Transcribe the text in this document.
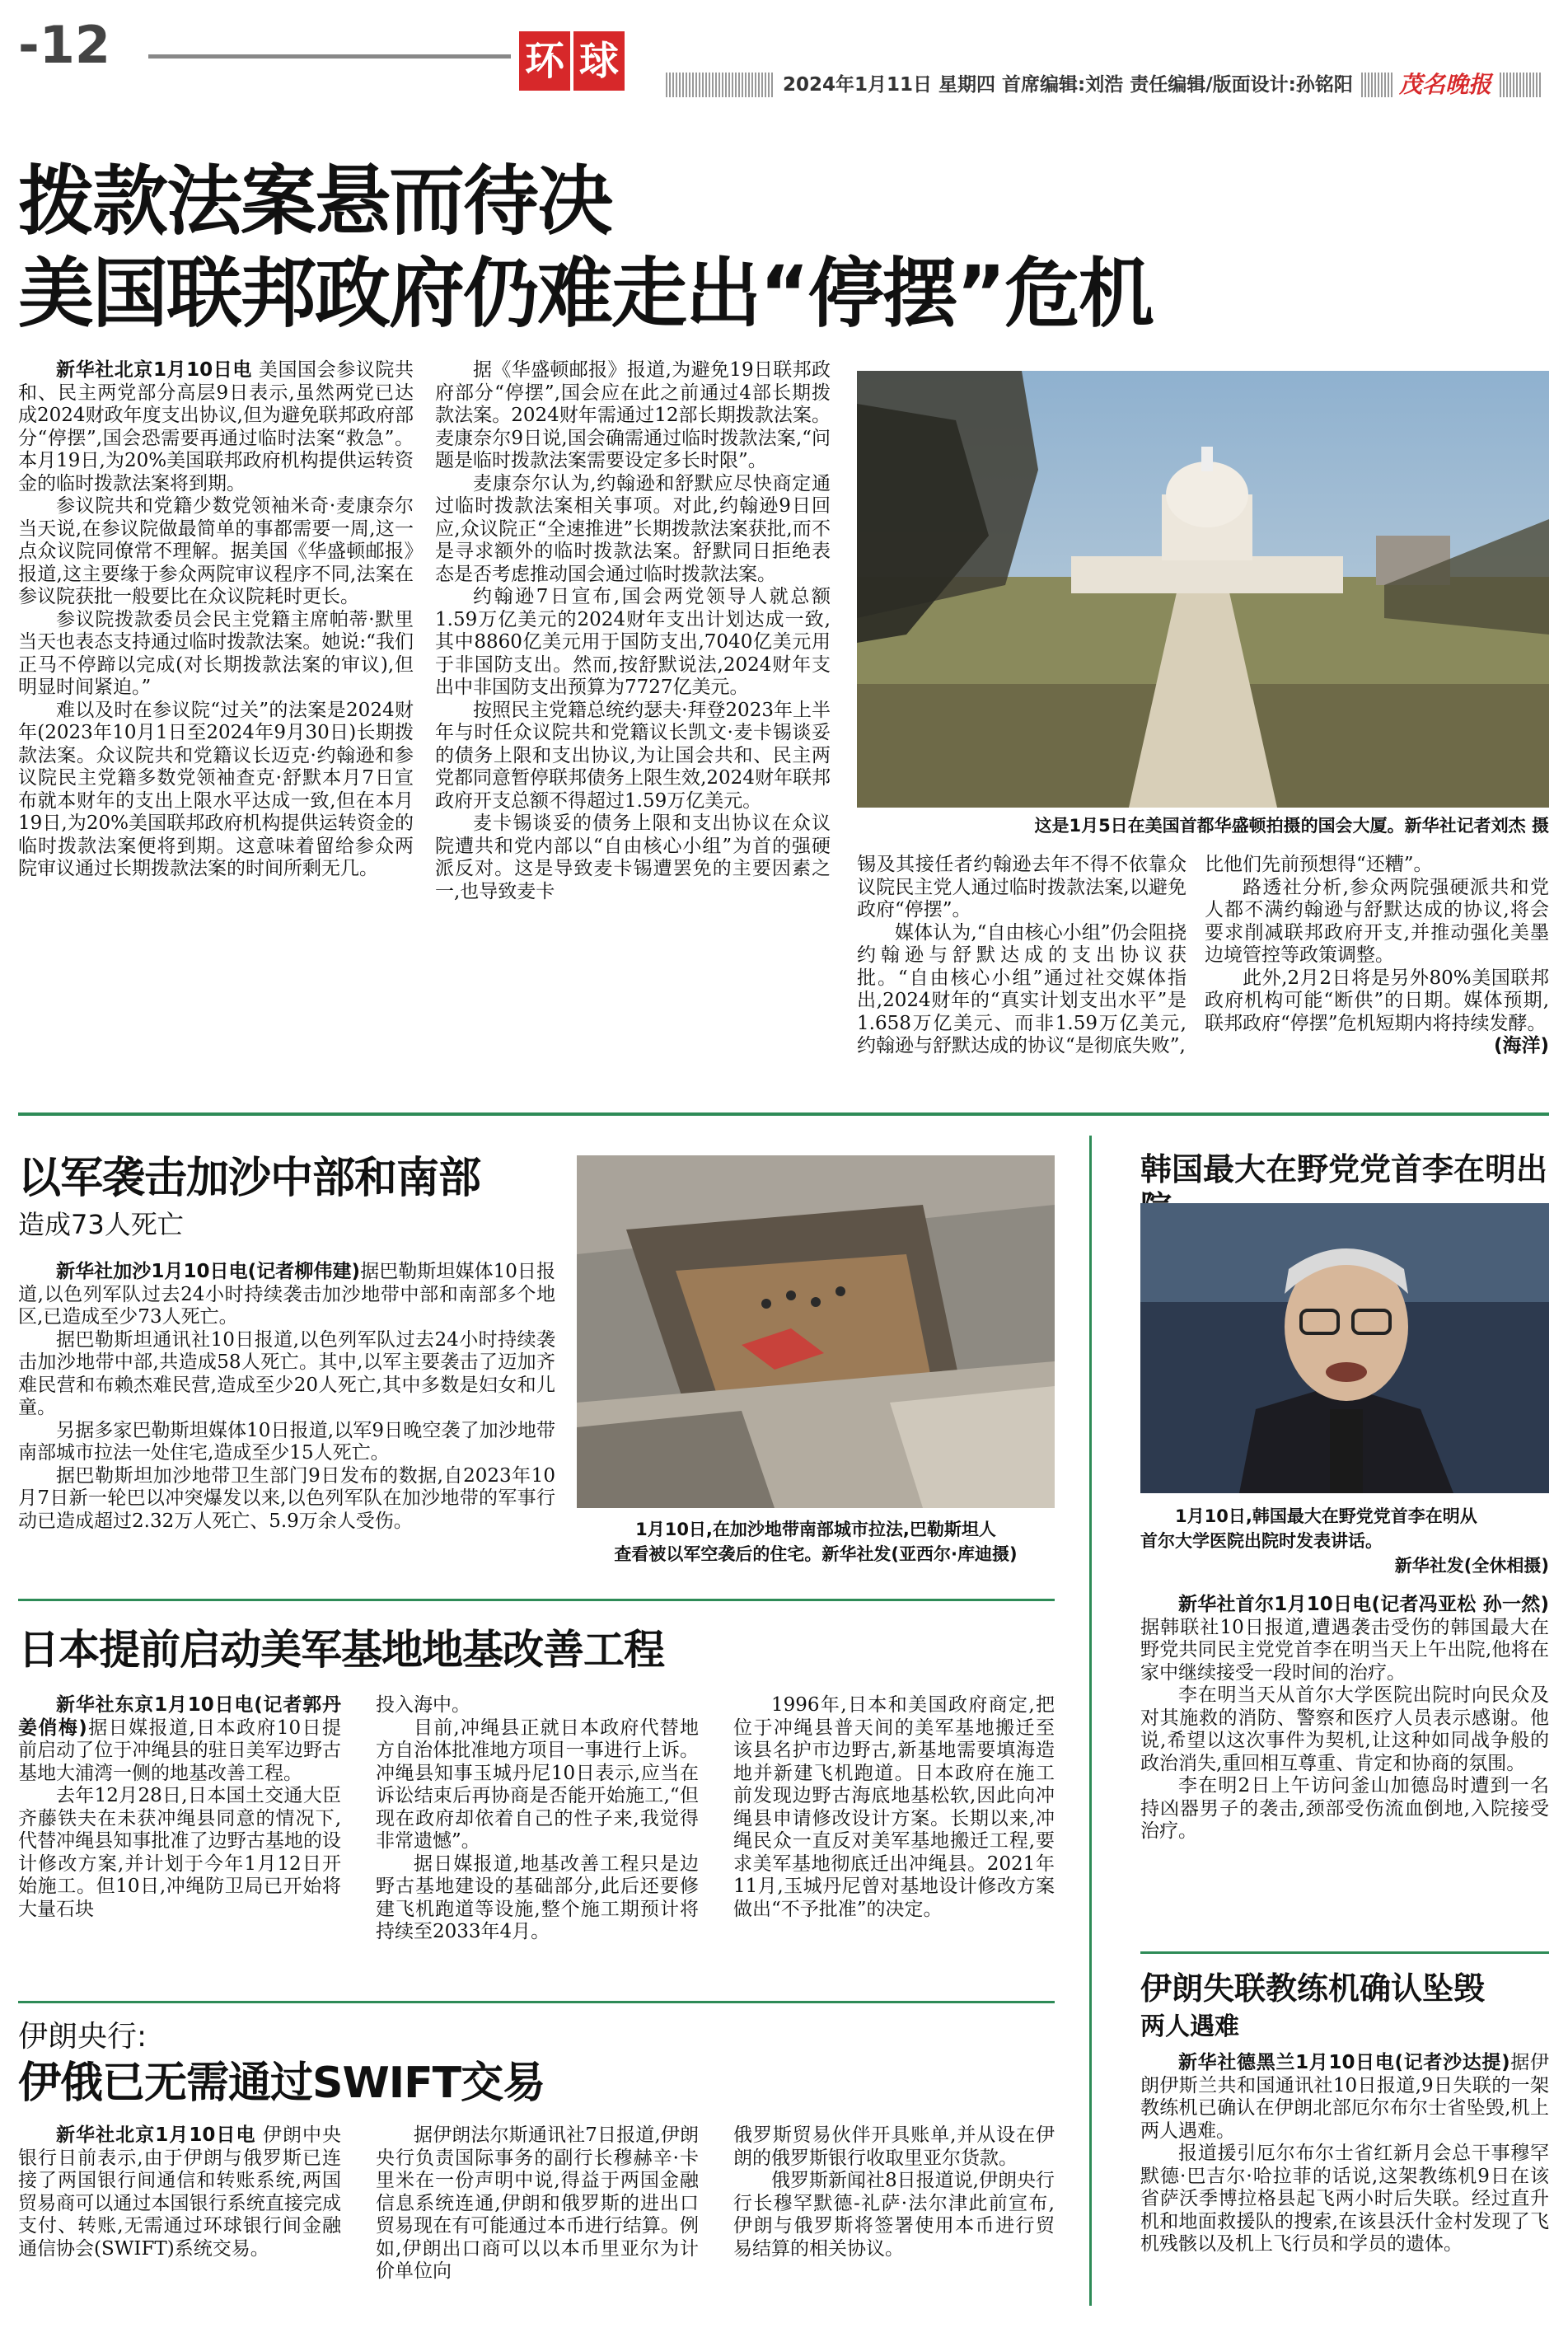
-12	环 球
2024年1月11日 星期四 首席编辑:刘浩 责任编辑/版面设计:孙铭阳	茂名晚报
拨款法案悬而待决
美国联邦政府仍难走出“停摆”危机

新华社北京1月10日电 美国国会参议院共和、民主两党部分高层9日表示,虽然两党已达成2024财政年度支出协议,但为避免联邦政府部分“停摆”,国会恐需要再通过临时法案“救急”。本月19日,为20%美国联邦政府机构提供运转资金的临时拨款法案将到期。

参议院共和党籍少数党领袖米奇·麦康奈尔当天说,在参议院做最简单的事都需要一周,这一点众议院同僚常不理解。据美国《华盛顿邮报》报道,这主要缘于参众两院审议程序不同,法案在参议院获批一般要比在众议院耗时更长。

参议院拨款委员会民主党籍主席帕蒂·默里当天也表态支持通过临时拨款法案。她说:“我们正马不停蹄以完成(对长期拨款法案的审议),但明显时间紧迫。”

难以及时在参议院“过关”的法案是2024财年(2023年10月1日至2024年9月30日)长期拨款法案。众议院共和党籍议长迈克·约翰逊和参议院民主党籍多数党领袖查克·舒默本月7日宣布就本财年的支出上限水平达成一致,但在本月19日,为20%美国联邦政府机构提供运转资金的临时拨款法案便将到期。这意味着留给参众两院审议通过长期拨款法案的时间所剩无几。

据《华盛顿邮报》报道,为避免19日联邦政府部分“停摆”,国会应在此之前通过4部长期拨款法案。2024财年需通过12部长期拨款法案。麦康奈尔9日说,国会确需通过临时拨款法案,“问题是临时拨款法案需要设定多长时限”。

麦康奈尔认为,约翰逊和舒默应尽快商定通过临时拨款法案相关事项。对此,约翰逊9日回应,众议院正“全速推进”长期拨款法案获批,而不是寻求额外的临时拨款法案。舒默同日拒绝表态是否考虑推动国会通过临时拨款法案。

约翰逊7日宣布,国会两党领导人就总额1.59万亿美元的2024财年支出计划达成一致,其中8860亿美元用于国防支出,7040亿美元用于非国防支出。然而,按舒默说法,2024财年支出中非国防支出预算为7727亿美元。

按照民主党籍总统约瑟夫·拜登2023年上半年与时任众议院共和党籍议长凯文·麦卡锡谈妥的债务上限和支出协议,为让国会共和、民主两党都同意暂停联邦债务上限生效,2024财年联邦政府开支总额不得超过1.59万亿美元。

麦卡锡谈妥的债务上限和支出协议在众议院遭共和党内部以“自由核心小组”为首的强硬派反对。这是导致麦卡锡遭罢免的主要因素之一,也导致麦卡

这是1月5日在美国首都华盛顿拍摄的国会大厦。新华社记者刘杰 摄

锡及其接任者约翰逊去年不得不依靠众议院民主党人通过临时拨款法案,以避免政府“停摆”。

媒体认为,“自由核心小组”仍会阻挠约翰逊与舒默达成的支出协议获批。“自由核心小组”通过社交媒体指出,2024财年的“真实计划支出水平”是1.658万亿美元、而非1.59万亿美元,约翰逊与舒默达成的协议“是彻底失败”,

比他们先前预想得“还糟”。

路透社分析,参众两院强硬派共和党人都不满约翰逊与舒默达成的协议,将会要求削减联邦政府开支,并推动强化美墨边境管控等政策调整。

此外,2月2日将是另外80%美国联邦政府机构可能“断供”的日期。媒体预期,联邦政府“停摆”危机短期内将持续发酵。

(海洋)
以军袭击加沙中部和南部
造成73人死亡

新华社加沙1月10日电(记者柳伟建)据巴勒斯坦媒体10日报道,以色列军队过去24小时持续袭击加沙地带中部和南部多个地区,已造成至少73人死亡。

据巴勒斯坦通讯社10日报道,以色列军队过去24小时持续袭击加沙地带中部,共造成58人死亡。其中,以军主要袭击了迈加齐难民营和布赖杰难民营,造成至少20人死亡,其中多数是妇女和儿童。

另据多家巴勒斯坦媒体10日报道,以军9日晚空袭了加沙地带南部城市拉法一处住宅,造成至少15人死亡。

据巴勒斯坦加沙地带卫生部门9日发布的数据,自2023年10月7日新一轮巴以冲突爆发以来,以色列军队在加沙地带的军事行动已造成超过2.32万人死亡、5.9万余人受伤。	1月10日,在加沙地带南部城市拉法,巴勒斯坦人
查看被以军空袭后的住宅。新华社发(亚西尔·库迪摄)
韩国最大在野党党首李在明出
1月10日,韩国最大在野党党首李在明从
首尔大学医院出院时发表讲话。
新华社发(全休相摄)

新华社首尔1月10日电(记者冯亚松 孙一然)据韩联社10日报道,遭遇袭击受伤的韩国最大在野党共同民主党党首李在明当天上午出院,他将在家中继续接受一段时间的治疗。

李在明当天从首尔大学医院出院时向民众及对其施救的消防、警察和医疗人员表示感谢。他说,希望以这次事件为契机,让这种如同战争般的政治消失,重回相互尊重、肯定和协商的氛围。

李在明2日上午访问釜山加德岛时遭到一名持凶器男子的袭击,颈部受伤流血倒地,入院接受治疗。

日本提前启动美军基地地基改善工程

新华社东京1月10日电(记者郭丹 姜俏梅)据日媒报道,日本政府10日提前启动了位于冲绳县的驻日美军边野古基地大浦湾一侧的地基改善工程。

去年12月28日,日本国土交通大臣齐藤铁夫在未获冲绳县同意的情况下,代替冲绳县知事批准了边野古基地的设计修改方案,并计划于今年1月12日开始施工。但10日,冲绳防卫局已开始将大量石块

投入海中。

目前,冲绳县正就日本政府代替地方自治体批准地方项目一事进行上诉。冲绳县知事玉城丹尼10日表示,应当在诉讼结束后再协商是否能开始施工,“但现在政府却依着自己的性子来,我觉得非常遗憾”。

据日媒报道,地基改善工程只是边野古基地建设的基础部分,此后还要修建飞机跑道等设施,整个施工期预计将持续至2033年4月。

1996年,日本和美国政府商定,把位于冲绳县普天间的美军基地搬迁至该县名护市边野古,新基地需要填海造地并新建飞机跑道。日本政府在施工前发现边野古海底地基松软,因此向冲绳县申请修改设计方案。长期以来,冲绳民众一直反对美军基地搬迁工程,要求美军基地彻底迁出冲绳县。2021年11月,玉城丹尼曾对基地设计修改方案做出“不予批准”的决定。

伊朗央行:
伊俄已无需通过SWIFT交易

新华社北京1月10日电 伊朗中央银行日前表示,由于伊朗与俄罗斯已连接了两国银行间通信和转账系统,两国贸易商可以通过本国银行系统直接完成支付、转账,无需通过环球银行间金融通信协会(SWIFT)系统交易。

据伊朗法尔斯通讯社7日报道,伊朗央行负责国际事务的副行长穆赫辛·卡里米在一份声明中说,得益于两国金融信息系统连通,伊朗和俄罗斯的进出口贸易现在有可能通过本币进行结算。例如,伊朗出口商可以以本币里亚尔为计价单位向

俄罗斯贸易伙伴开具账单,并从设在伊朗的俄罗斯银行收取里亚尔货款。

俄罗斯新闻社8日报道说,伊朗央行行长穆罕默德-礼萨·法尔津此前宣布,伊朗与俄罗斯将签署使用本币进行贸易结算的相关协议。

伊朗失联教练机确认坠毁
两人遇难

新华社德黑兰1月10日电(记者沙达提)据伊朗伊斯兰共和国通讯社10日报道,9日失联的一架教练机已确认在伊朗北部厄尔布尔士省坠毁,机上两人遇难。

报道援引厄尔布尔士省红新月会总干事穆罕默德·巴吉尔·哈拉菲的话说,这架教练机9日在该省萨沃季博拉格县起飞两小时后失联。经过直升机和地面救援队的搜索,在该县沃什金村发现了飞机残骸以及机上飞行员和学员的遗体。
